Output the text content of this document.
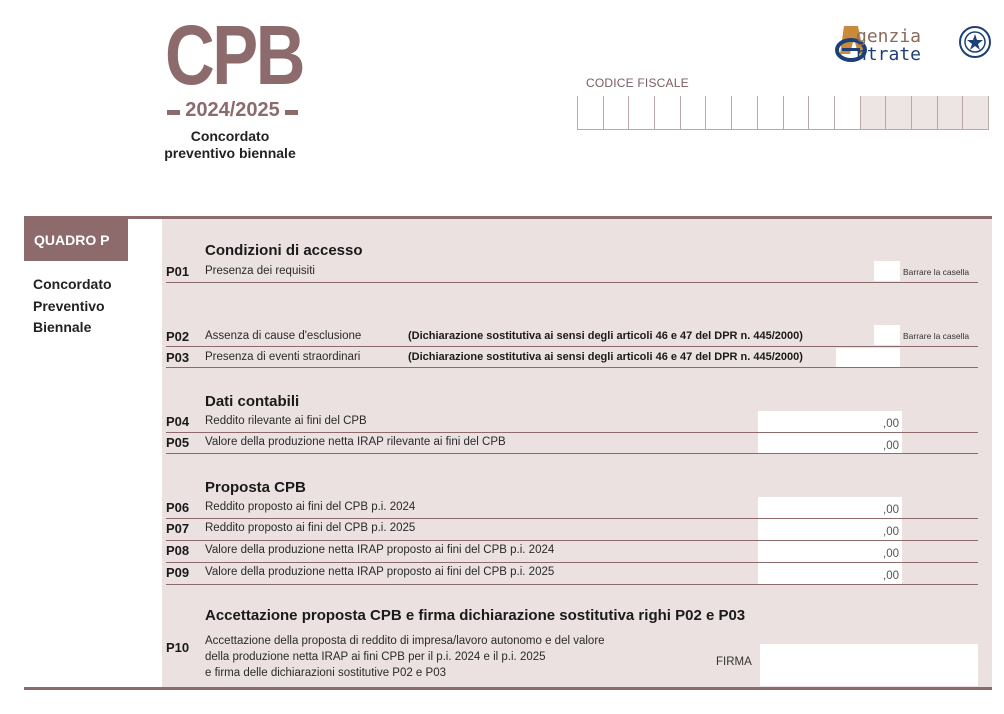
CPB
2024/2025
Concordato
preventivo biennale
CODICE FISCALE
genzia
ntrate
QUADRO P
Concordato
Preventivo
Biennale
Condizioni di accesso
P01 Presenza dei requisiti	Barrare la casella
P02 Assenza di cause d'esclusione	(Dichiarazione sostitutiva ai sensi degli articoli 46 e 47 del DPR n. 445/2000)	Barrare la casella
P03 Presenza di eventi straordinari	(Dichiarazione sostitutiva ai sensi degli articoli 46 e 47 del DPR n. 445/2000)
Dati contabili
P04 Reddito rilevante ai fini del CPB	,00
P05 Valore della produzione netta IRAP rilevante ai fini del CPB	,00
Proposta CPB
P06 Reddito proposto ai fini del CPB p.i. 2024	,00
P07 Reddito proposto ai fini del CPB p.i. 2025	,00
P08 Valore della produzione netta IRAP proposto ai fini del CPB p.i. 2024	,00
P09 Valore della produzione netta IRAP proposto ai fini del CPB p.i. 2025	,00
Accettazione proposta CPB e firma dichiarazione sostitutiva righi P02 e P03
P10 Accettazione della proposta di reddito di impresa/lavoro autonomo e del valore
della produzione netta IRAP ai fini CPB per il p.i. 2024 e il p.i. 2025
e firma delle dichiarazioni sostitutive P02 e P03
FIRMA
